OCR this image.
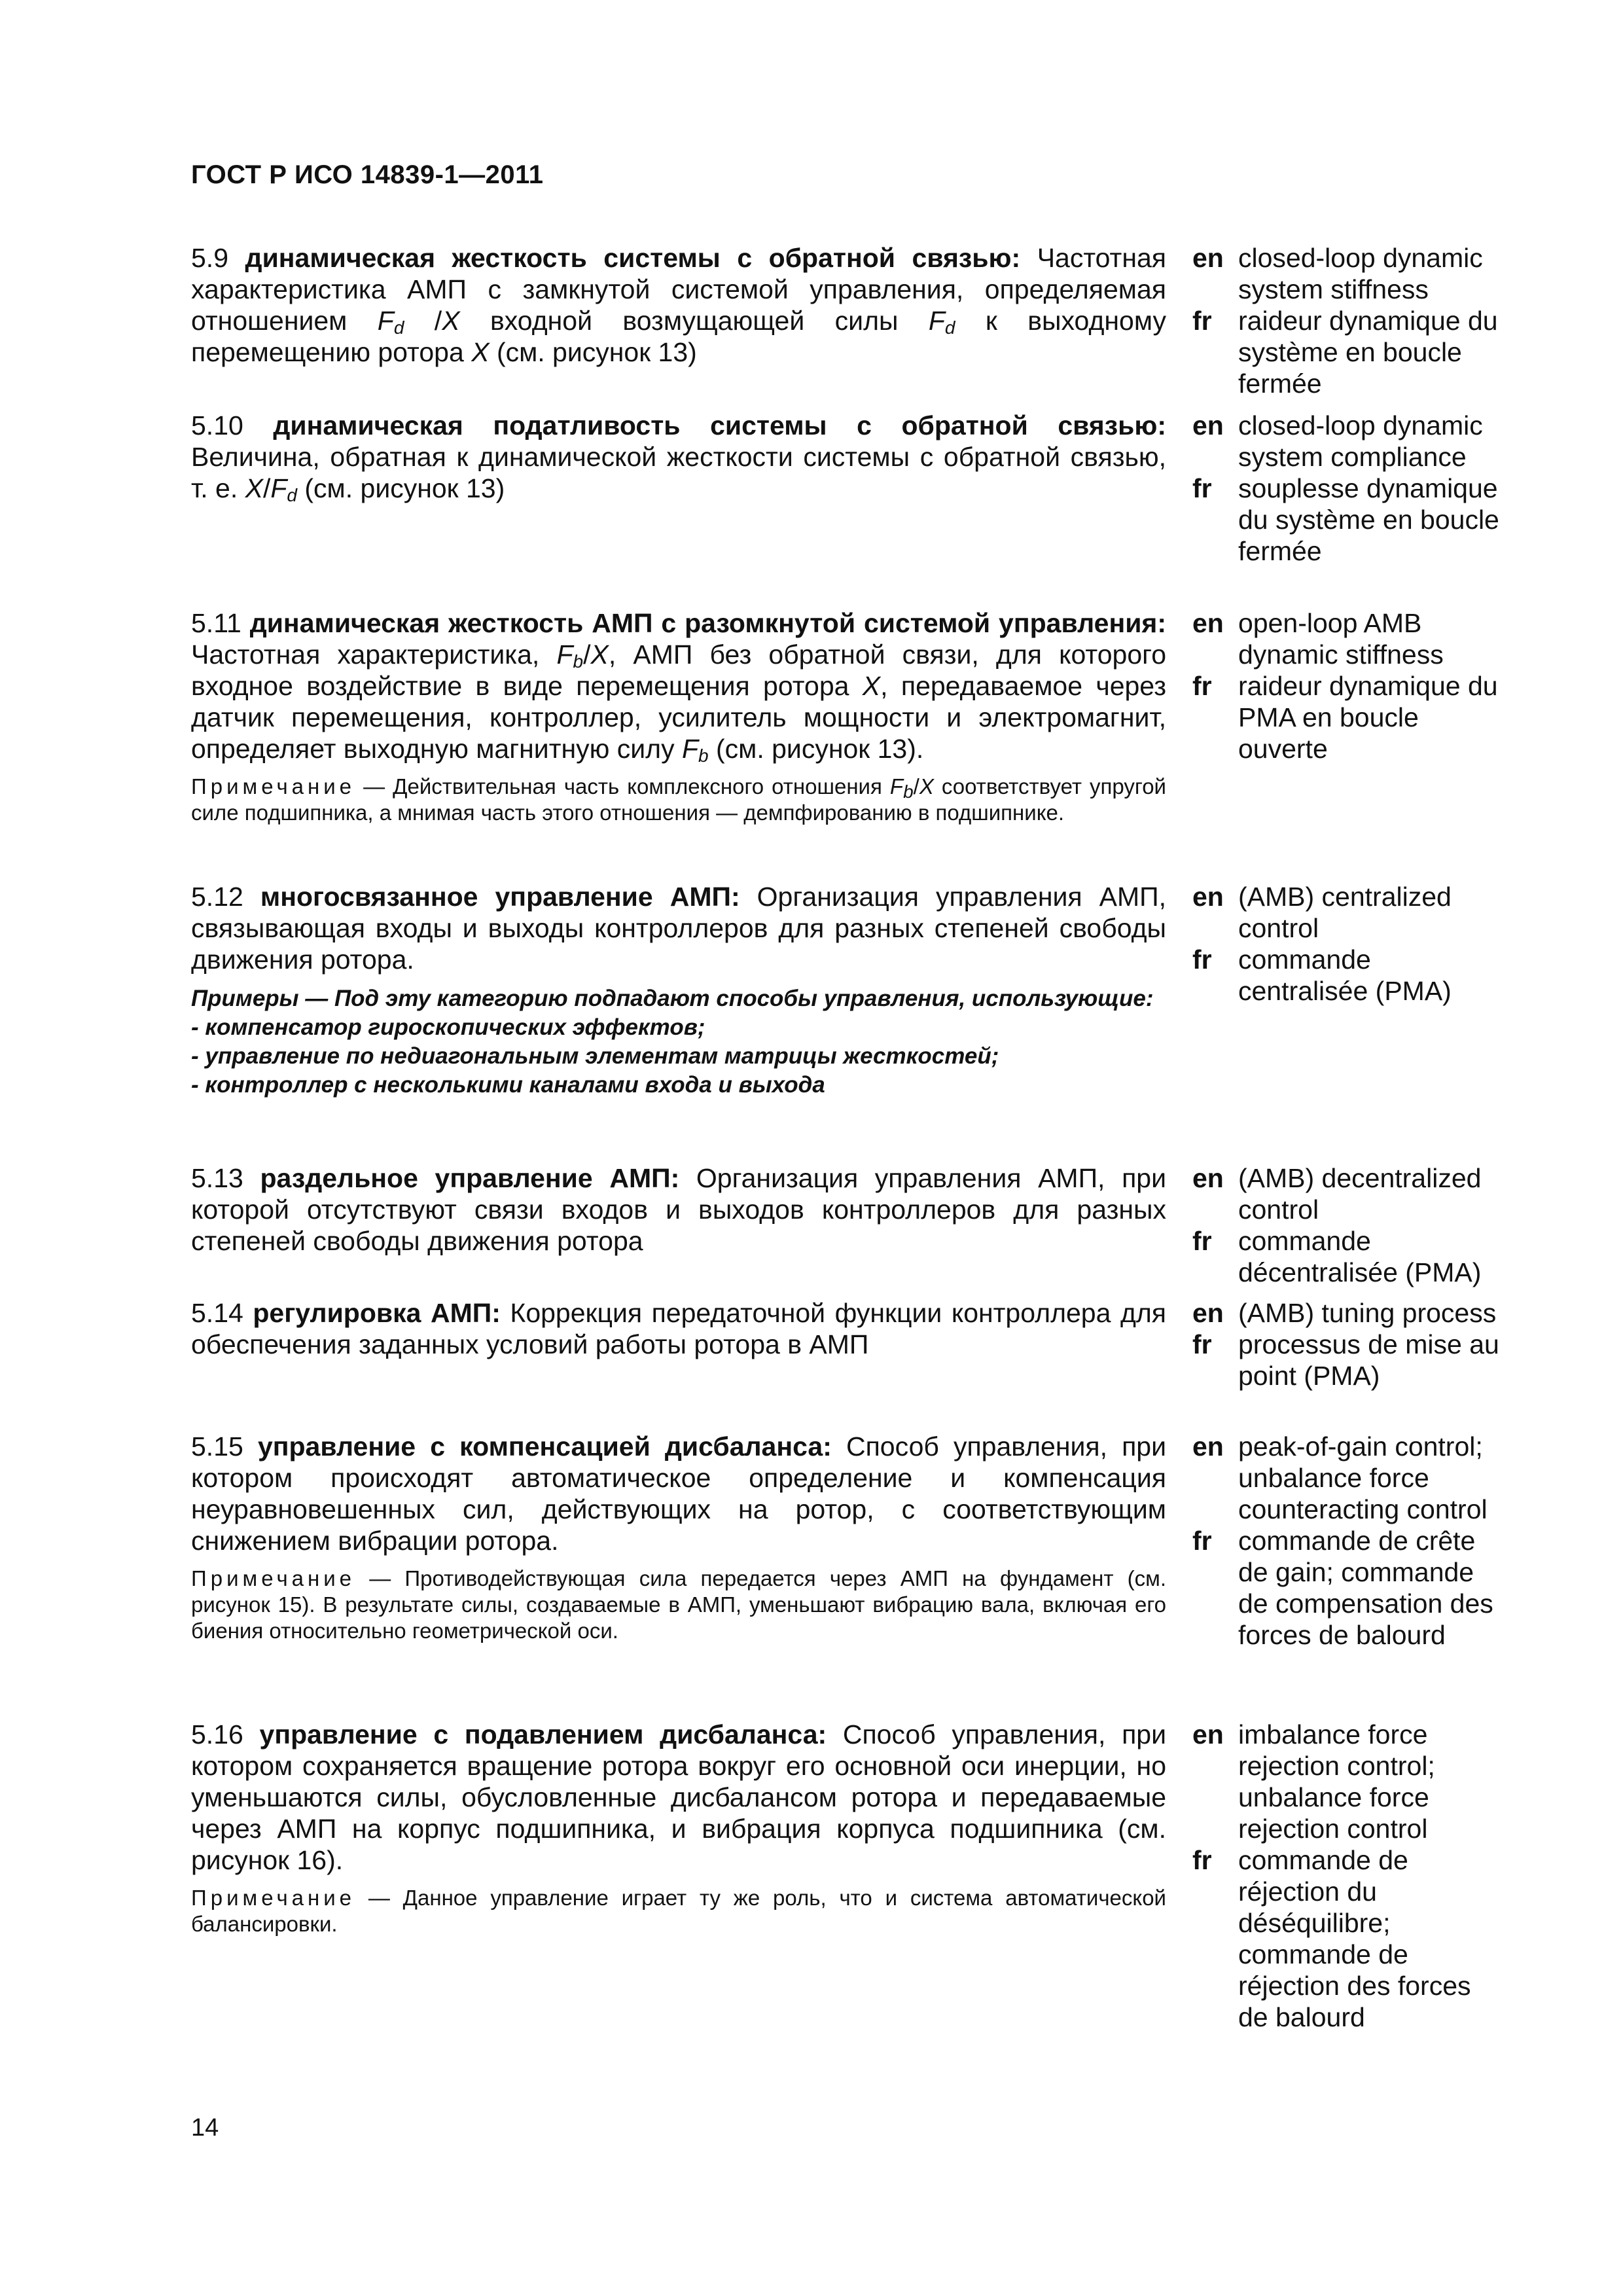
ГОСТ Р ИСО 14839-1—2011
5.9 динамическая жесткость системы с обратной связью: Частотная характеристика АМП с замкнутой системой управления, определяемая отношением $F_d$ /X входной возмущающей силы $F_d$ к выходному перемещению ротора X (см. рисунок 13)
en closed-loop dynamic system stiffness
fr raideur dynamique du système en boucle fermée
5.10 динамическая податливость системы с обратной связью: Величина, обратная к динамической жесткости системы с обратной связью, т. е. $X/F_d$ (см. рисунок 13)
en closed-loop dynamic system compliance
fr souplesse dynamique du système en boucle fermée
5.11 динамическая жесткость АМП с разомкнутой системой управления: Частотная характеристика, $F_b/X$, АМП без обратной связи, для которого входное воздействие в виде перемещения ротора X, передаваемое через датчик перемещения, контроллер, усилитель мощности и электромагнит, определяет выходную магнитную силу $F_b$ (см. рисунок 13).
Примечание — Действительная часть комплексного отношения $F_b/X$ соответствует упругой силе подшипника, а мнимая часть этого отношения — демпфированию в подшипнике.
en open-loop AMB dynamic stiffness
fr raideur dynamique du PMA en boucle ouverte
5.12 многосвязанное управление АМП: Организация управления АМП, связывающая входы и выходы контроллеров для разных степеней свободы движения ротора.
Примеры — Под эту категорию подпадают способы управления, использующие:
- компенсатор гироскопических эффектов;
- управление по недиагональным элементам матрицы жесткостей;
- контроллер с несколькими каналами входа и выхода
en (AMB) centralized control
fr commande centralisée (PMA)
5.13 раздельное управление АМП: Организация управления АМП, при которой отсутствуют связи входов и выходов контроллеров для разных степеней свободы движения ротора
en (AMB) decentralized control
fr commande décentralisée (PMA)
5.14 регулировка АМП: Коррекция передаточной функции контроллера для обеспечения заданных условий работы ротора в АМП
en (AMB) tuning process
fr processus de mise au point (PMA)
5.15 управление с компенсацией дисбаланса: Способ управления, при котором происходят автоматическое определение и компенсация неуравновешенных сил, действующих на ротор, с соответствующим снижением вибрации ротора.
Примечание — Противодействующая сила передается через АМП на фундамент (см. рисунок 15). В результате силы, создаваемые в АМП, уменьшают вибрацию вала, включая его биения относительно геометрической оси.
en peak-of-gain control; unbalance force counteracting control
fr commande de crête de gain; commande de compensation des forces de balourd
5.16 управление с подавлением дисбаланса: Способ управления, при котором сохраняется вращение ротора вокруг его основной оси инерции, но уменьшаются силы, обусловленные дисбалансом ротора и передаваемые через АМП на корпус подшипника, и вибрация корпуса подшипника (см. рисунок 16).
Примечание — Данное управление играет ту же роль, что и система автоматической балансировки.
en imbalance force rejection control; unbalance force rejection control
fr commande de réjection du déséquilibre; commande de réjection des forces de balourd
14
